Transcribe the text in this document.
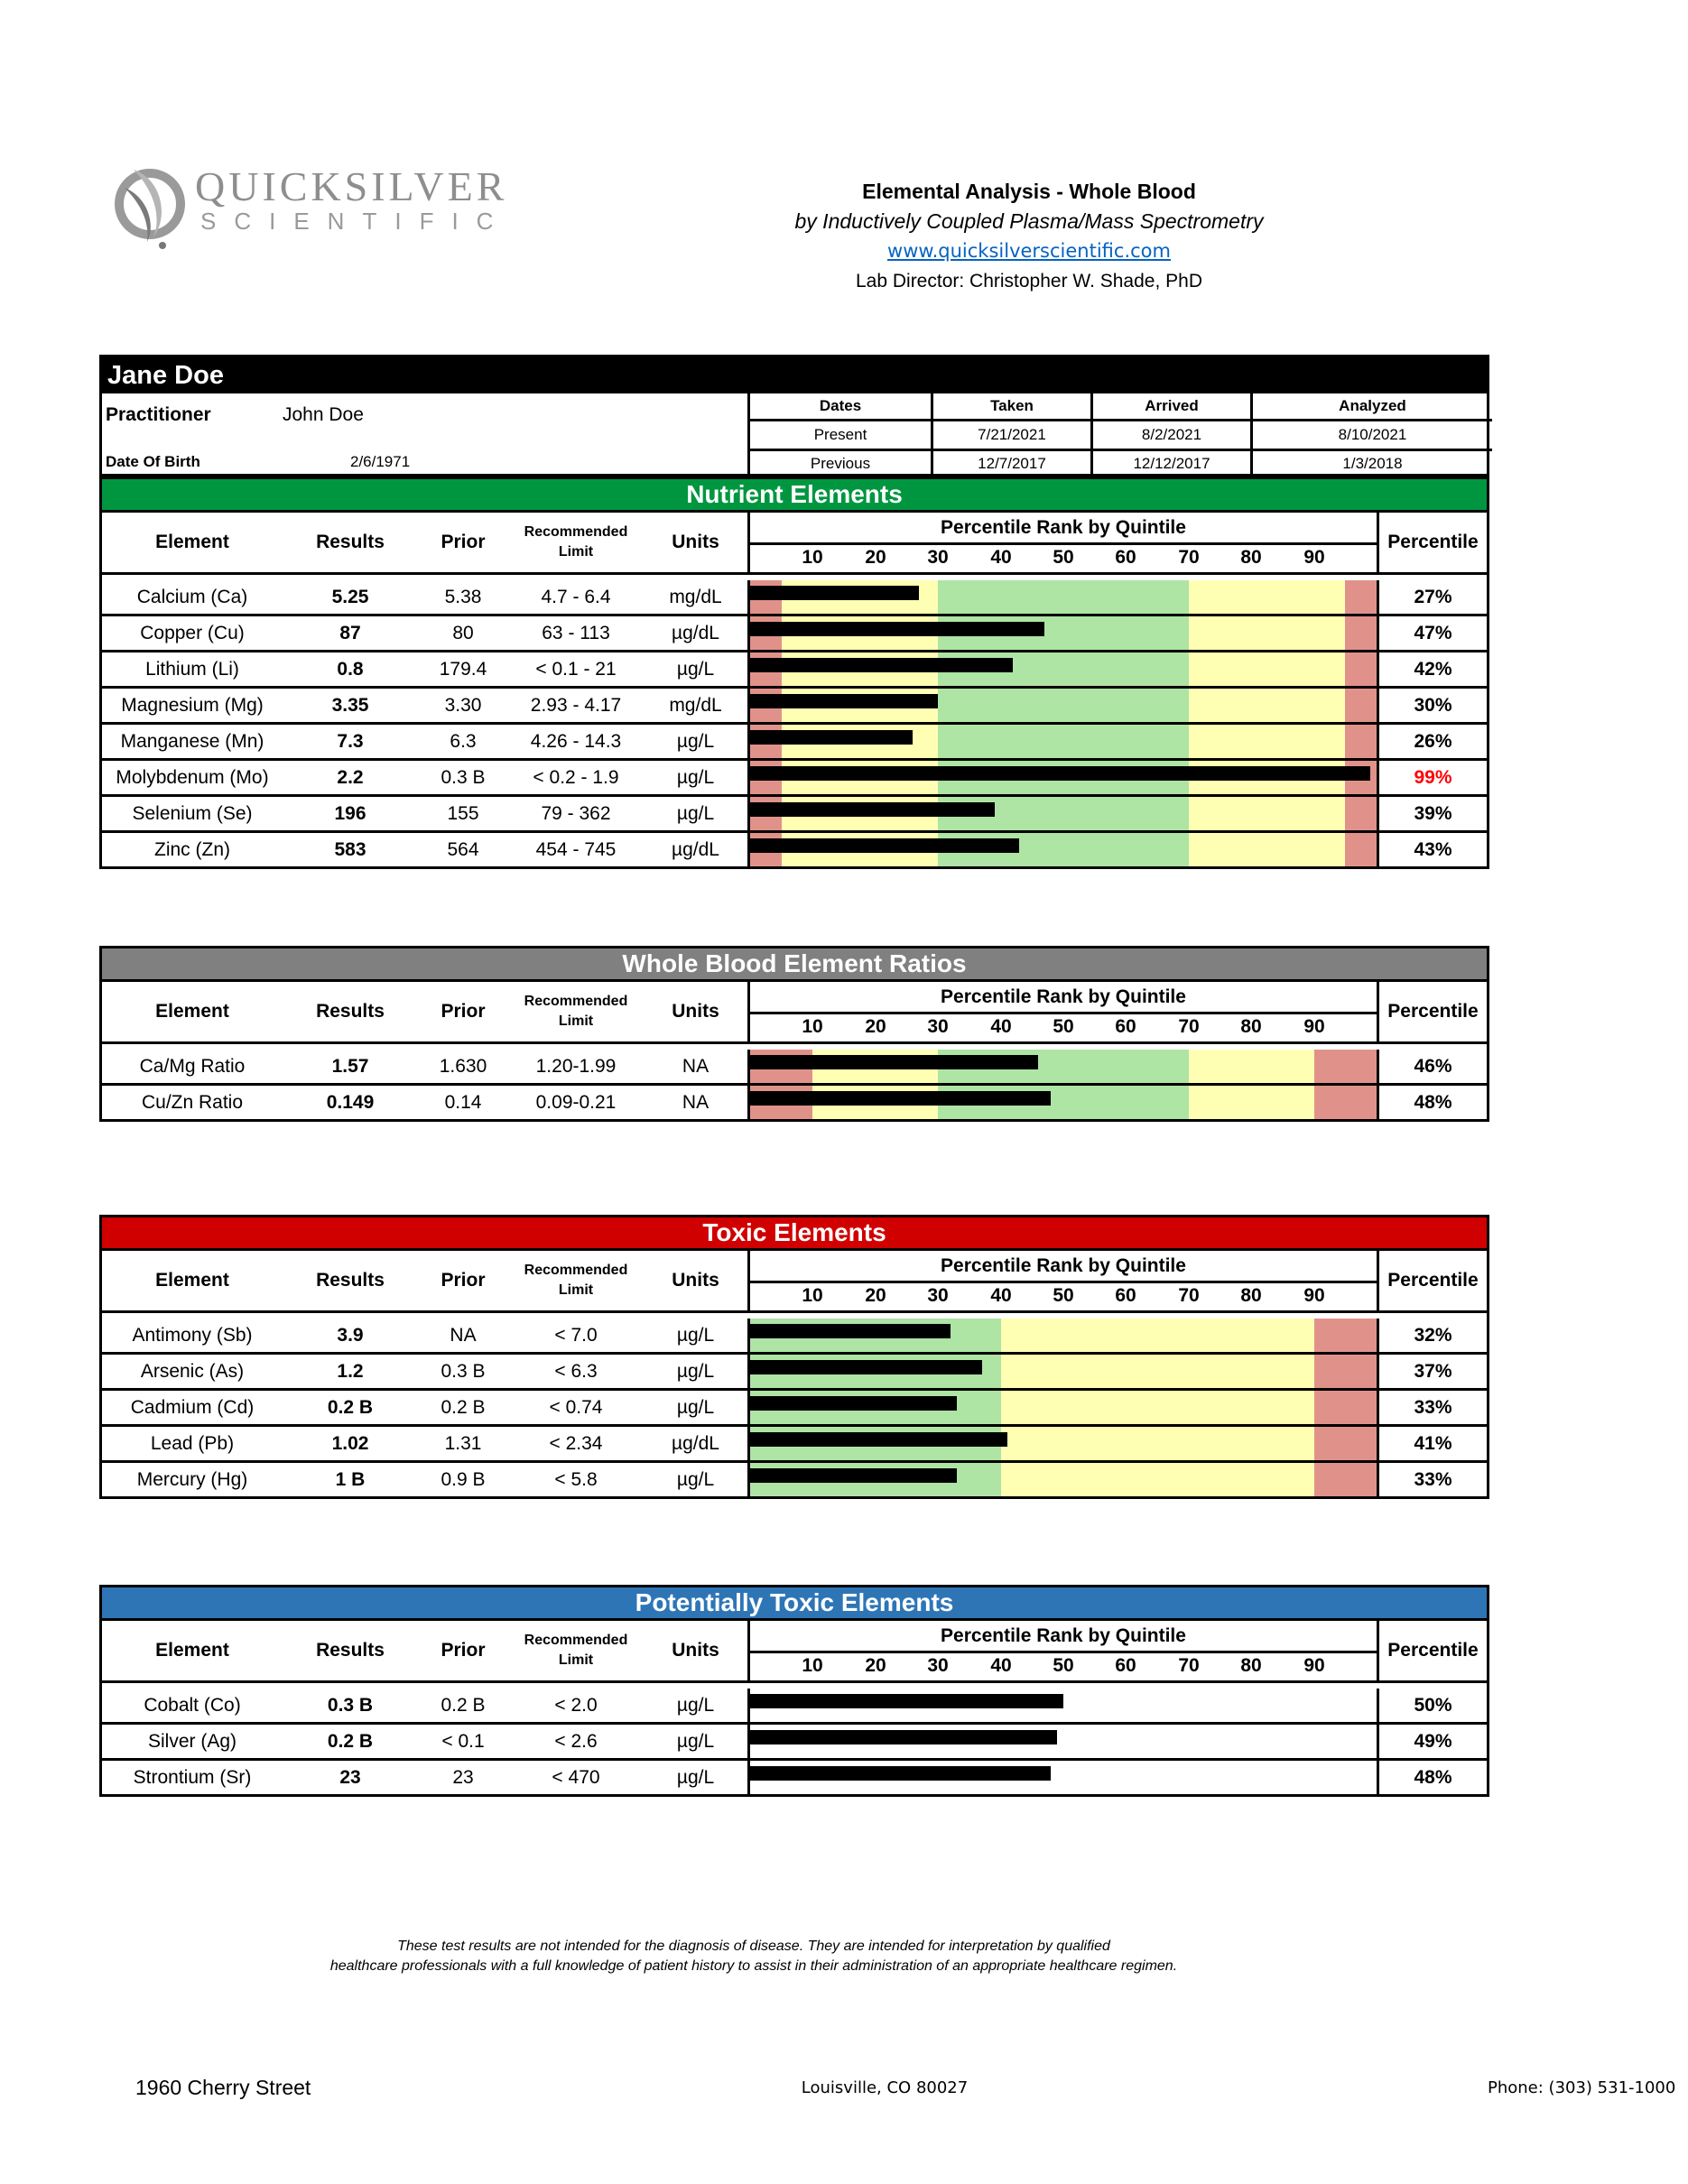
QUICKSILVER
SCIENTIFIC
Elemental Analysis - Whole Blood
by Inductively Coupled Plasma/Mass Spectrometry
www.quicksilverscientific.com
Lab Director: Christopher W. Shade, PhD
Jane Doe
Practitioner	John Doe
Date Of Birth	2/6/1971
Dates	Taken	Arrived	Analyzed
Present	7/21/2021	8/2/2021	8/10/2021
Previous	12/7/2017	12/12/2017	1/3/2018
Nutrient Elements
Element	Results	Prior	Recommended
Limit	Units
Percentile Rank by Quintile
10	20	30	40	50	60	70	80	90
Percentile
Calcium (Ca)	5.25	5.38	4.7 - 6.4	mg/dL	27%
Copper (Cu)	87	80	63 - 113	µg/dL	47%
Lithium (Li)	0.8	179.4	< 0.1 - 21	µg/L	42%
Magnesium (Mg)	3.35	3.30	2.93 - 4.17	mg/dL	30%
Manganese (Mn)	7.3	6.3	4.26 - 14.3	µg/L	26%
Molybdenum (Mo)	2.2	0.3 B	< 0.2 - 1.9	µg/L	99%
Selenium (Se)	196	155	79 - 362	µg/L	39%
Zinc (Zn)	583	564	454 - 745	µg/dL	43%
Whole Blood Element Ratios
Element	Results	Prior	Recommended
Limit	Units
Percentile Rank by Quintile
10	20	30	40	50	60	70	80	90
Percentile
Ca/Mg Ratio	1.57	1.630	1.20-1.99	NA	46%
Cu/Zn Ratio	0.149	0.14	0.09-0.21	NA	48%
Toxic Elements
Element	Results	Prior	Recommended
Limit	Units
Percentile Rank by Quintile
10	20	30	40	50	60	70	80	90
Percentile
Antimony (Sb)	3.9	NA	< 7.0	µg/L	32%
Arsenic (As)	1.2	0.3 B	< 6.3	µg/L	37%
Cadmium (Cd)	0.2 B	0.2 B	< 0.74	µg/L	33%
Lead (Pb)	1.02	1.31	< 2.34	µg/dL	41%
Mercury (Hg)	1 B	0.9 B	< 5.8	µg/L	33%
Potentially Toxic Elements
Element	Results	Prior	Recommended
Limit	Units
Percentile Rank by Quintile
10	20	30	40	50	60	70	80	90
Percentile
Cobalt (Co)	0.3 B	0.2 B	< 2.0	µg/L	50%
Silver (Ag)	0.2 B	< 0.1	< 2.6	µg/L	49%
Strontium (Sr)	23	23	< 470	µg/L	48%
These test results are not intended for the diagnosis of disease. They are intended for interpretation by qualified
healthcare professionals with a full knowledge of patient history to assist in their administration of an appropriate healthcare regimen.
1960 Cherry Street	Louisville, CO 80027	Phone: (303) 531-1000
